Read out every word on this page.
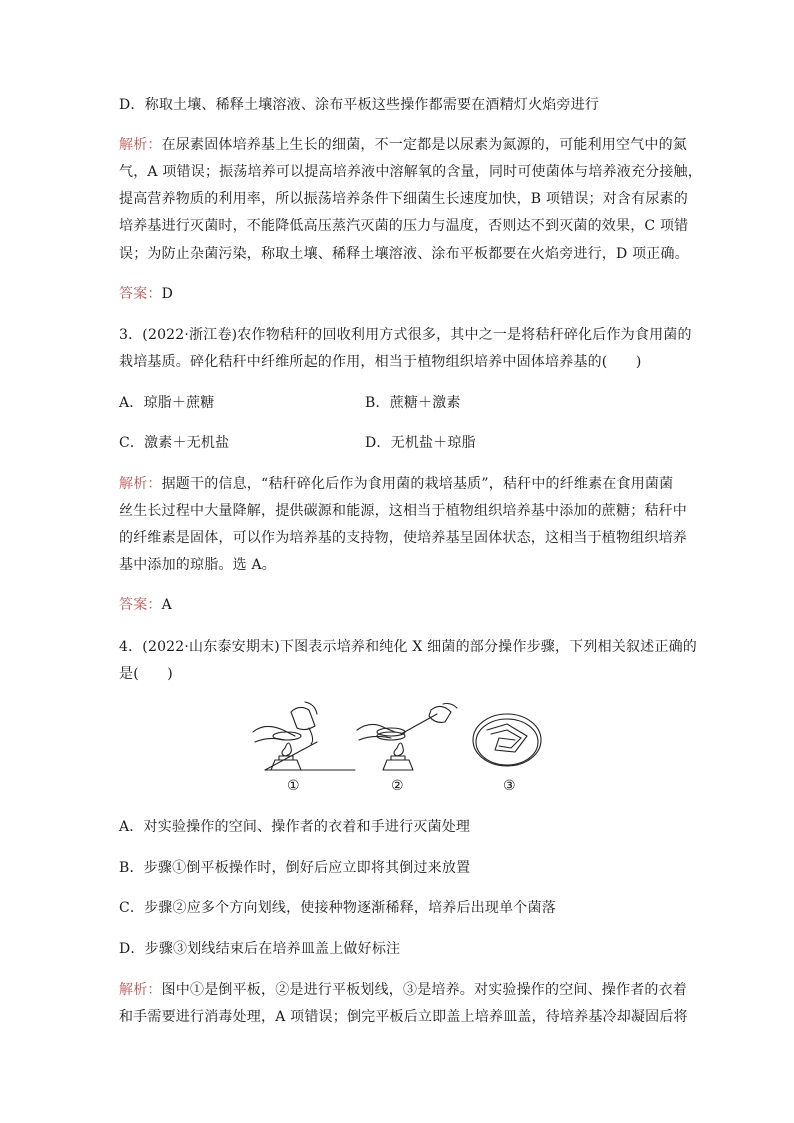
D．称取土壤、稀释土壤溶液、涂布平板这些操作都需要在酒精灯火焰旁进行
解析：在尿素固体培养基上生长的细菌，不一定都是以尿素为氮源的，可能利用空气中的氮
气，A 项错误；振荡培养可以提高培养液中溶解氧的含量，同时可使菌体与培养液充分接触，
提高营养物质的利用率，所以振荡培养条件下细菌生长速度加快，B 项错误；对含有尿素的
培养基进行灭菌时，不能降低高压蒸汽灭菌的压力与温度，否则达不到灭菌的效果，C 项错
误；为防止杂菌污染，称取土壤、稀释土壤溶液、涂布平板都要在火焰旁进行，D 项正确。
答案：D
3．(2022·浙江卷)农作物秸秆的回收利用方式很多，其中之一是将秸秆碎化后作为食用菌的
栽培基质。碎化秸秆中纤维所起的作用，相当于植物组织培养中固体培养基的(　　)
A．琼脂＋蔗糖	B．蔗糖＋激素
C．激素＋无机盐	D．无机盐＋琼脂
解析：据题干的信息，“秸秆碎化后作为食用菌的栽培基质”，秸秆中的纤维素在食用菌菌
丝生长过程中大量降解，提供碳源和能源，这相当于植物组织培养基中添加的蔗糖；秸秆中
的纤维素是固体，可以作为培养基的支持物，使培养基呈固体状态，这相当于植物组织培养
基中添加的琼脂。选 A。
答案：A
4．(2022·山东泰安期末)下图表示培养和纯化 X 细菌的部分操作步骤，下列相关叙述正确的
是(　　)
①	②	③
A．对实验操作的空间、操作者的衣着和手进行灭菌处理
B．步骤①倒平板操作时，倒好后应立即将其倒过来放置
C．步骤②应多个方向划线，使接种物逐渐稀释，培养后出现单个菌落
D．步骤③划线结束后在培养皿盖上做好标注
解析：图中①是倒平板，②是进行平板划线，③是培养。对实验操作的空间、操作者的衣着
和手需要进行消毒处理，A 项错误；倒完平板后立即盖上培养皿盖，待培养基冷却凝固后将
